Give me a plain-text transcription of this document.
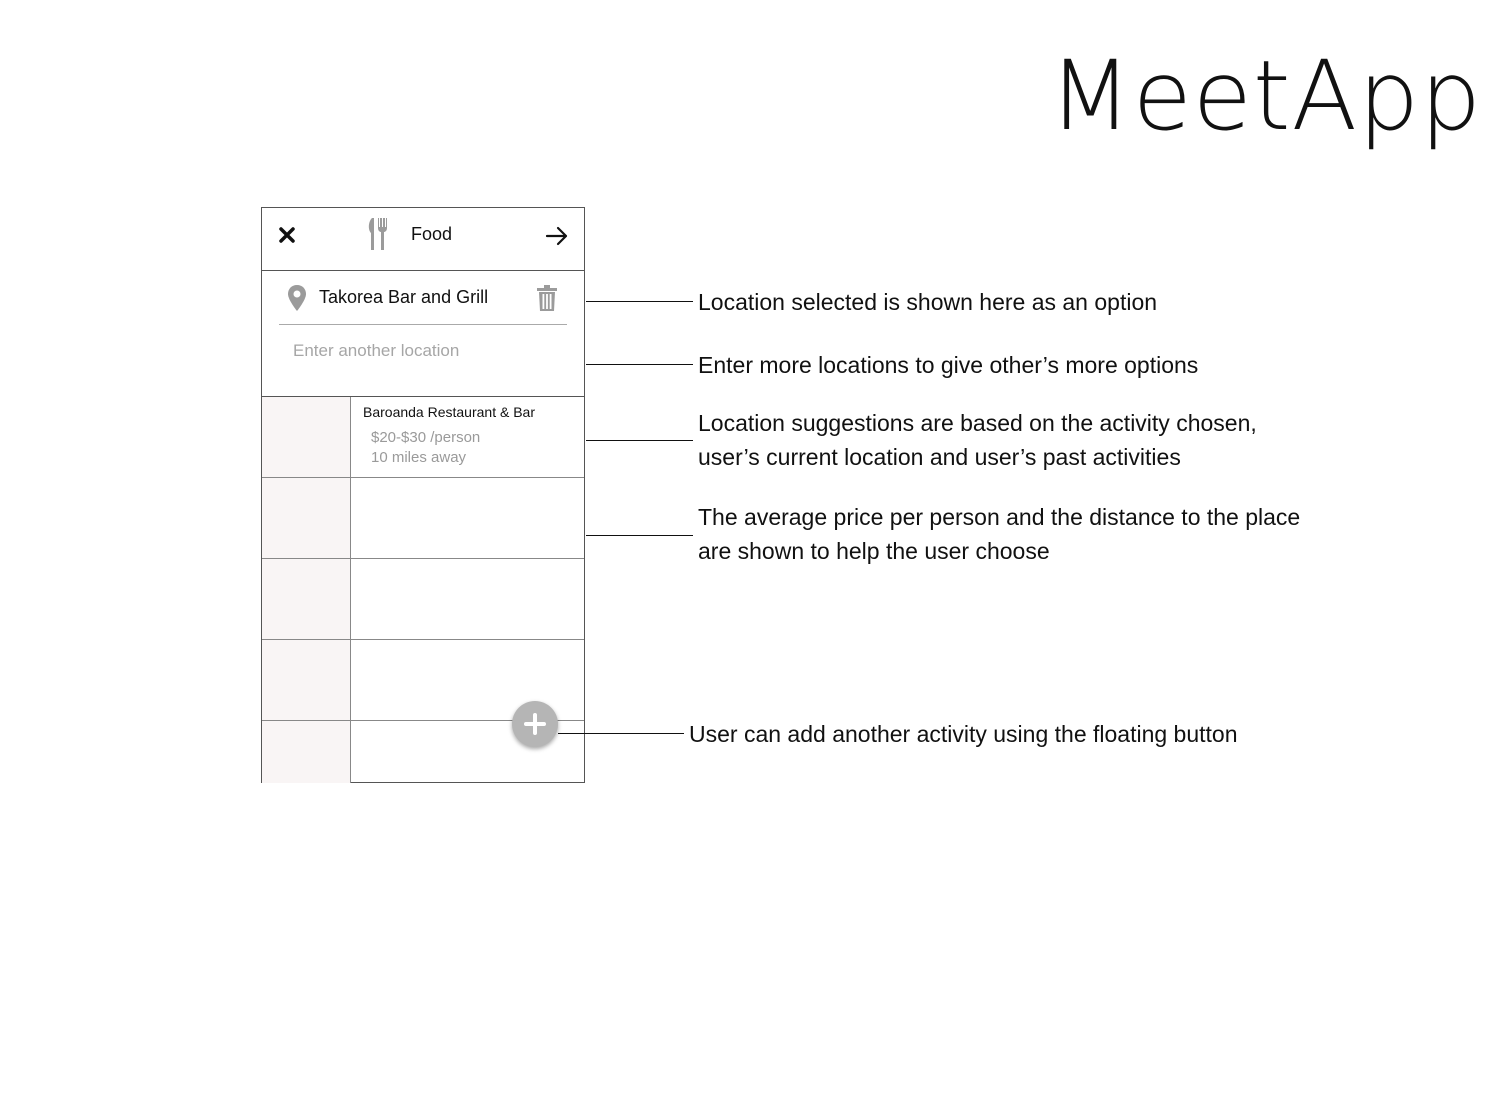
MeetApp
Food
Takorea Bar and Grill
Enter another location
Baroanda Restaurant & Bar
$20-$30 /person
10 miles away
Location selected is shown here as an option
Enter more locations to give other’s more options
Location suggestions are based on the activity chosen,
user’s current location and user’s past activities
The average price per person and the distance to the place
are shown to help the user choose
User can add another activity using the floating button
